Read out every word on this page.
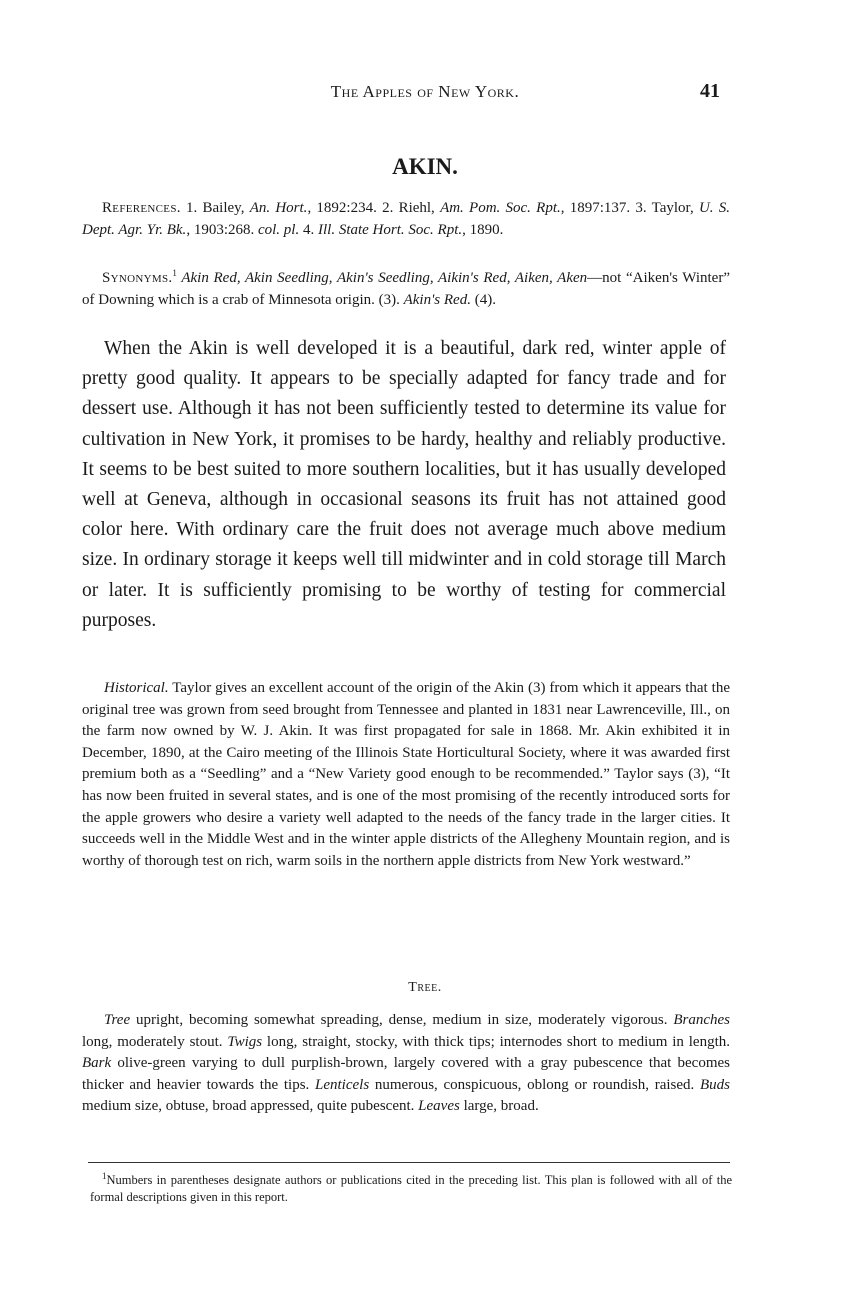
The Apples of New York.	41
AKIN.

References. 1. Bailey, An. Hort., 1892:234. 2. Riehl, Am. Pom. Soc. Rpt., 1897:137. 3. Taylor, U. S. Dept. Agr. Yr. Bk., 1903:268. col. pl. 4. Ill. State Hort. Soc. Rpt., 1890.

Synonyms.$^1$ Akin Red, Akin Seedling, Akin's Seedling, Aikin's Red, Aiken, Aken—not “Aiken's Winter” of Downing which is a crab of Minnesota origin. (3). Akin's Red. (4).

When the Akin is well developed it is a beautiful, dark red, winter apple of pretty good quality. It appears to be specially adapted for fancy trade and for dessert use. Although it has not been sufficiently tested to determine its value for cultivation in New York, it promises to be hardy, healthy and reliably productive. It seems to be best suited to more southern localities, but it has usually developed well at Geneva, although in occasional seasons its fruit has not attained good color here. With ordinary care the fruit does not average much above medium size. In ordinary storage it keeps well till midwinter and in cold storage till March or later. It is sufficiently promising to be worthy of testing for commercial purposes.

Historical. Taylor gives an excellent account of the origin of the Akin (3) from which it appears that the original tree was grown from seed brought from Tennessee and planted in 1831 near Lawrenceville, Ill., on the farm now owned by W. J. Akin. It was first propagated for sale in 1868. Mr. Akin exhibited it in December, 1890, at the Cairo meeting of the Illinois State Horticultural Society, where it was awarded first premium both as a “Seedling” and a “New Variety good enough to be recommended.” Taylor says (3), “It has now been fruited in several states, and is one of the most promising of the recently introduced sorts for the apple growers who desire a variety well adapted to the needs of the fancy trade in the larger cities. It succeeds well in the Middle West and in the winter apple districts of the Allegheny Mountain region, and is worthy of thorough test on rich, warm soils in the northern apple districts from New York westward.”

Tree.

Tree upright, becoming somewhat spreading, dense, medium in size, moderately vigorous. Branches long, moderately stout. Twigs long, straight, stocky, with thick tips; internodes short to medium in length. Bark olive-green varying to dull purplish-brown, largely covered with a gray pubescence that becomes thicker and heavier towards the tips. Lenticels numerous, conspicuous, oblong or roundish, raised. Buds medium size, obtuse, broad appressed, quite pubescent. Leaves large, broad.

$^1$Numbers in parentheses designate authors or publications cited in the preceding list. This plan is followed with all of the formal descriptions given in this report.
